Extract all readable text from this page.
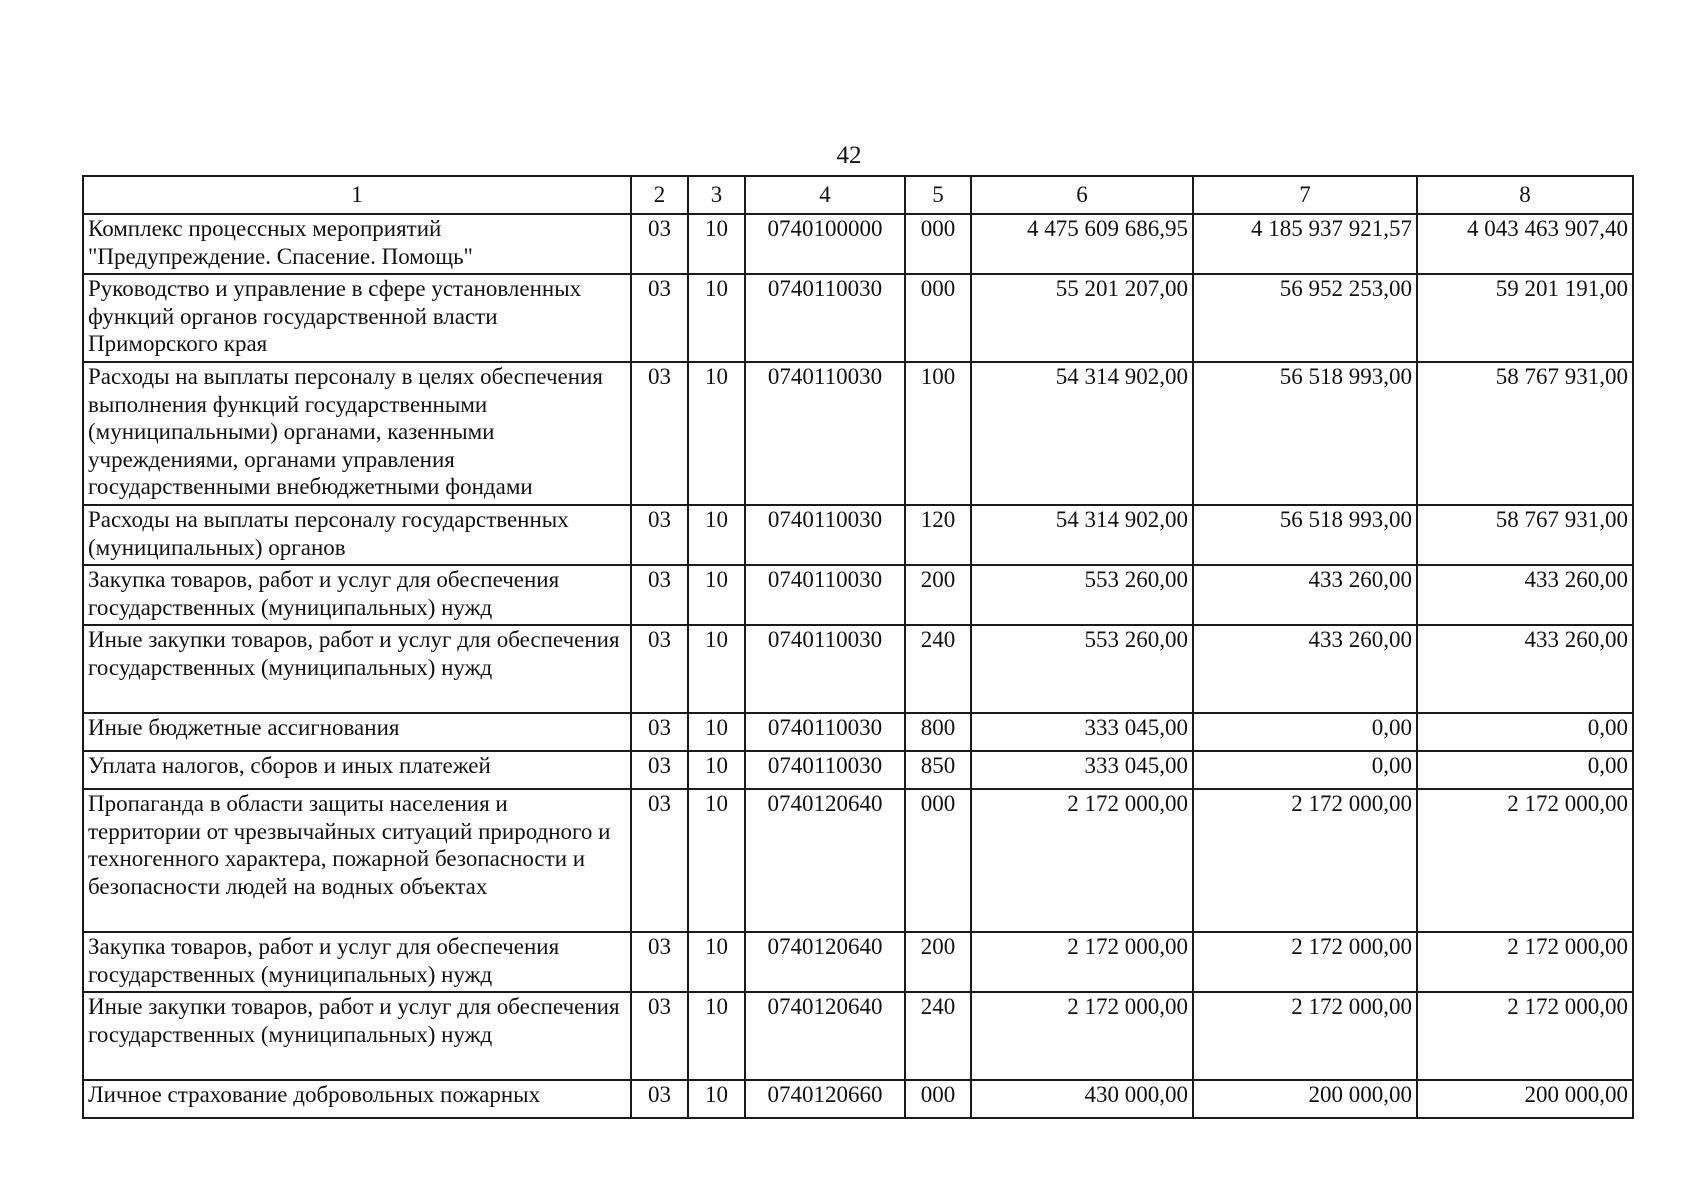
42
1	2	3	4	5	6	7	8
Комплекс процессных мероприятий "Предупреждение. Спасение. Помощь"	03	10	0740100000	000	4 475 609 686,95	4 185 937 921,57	4 043 463 907,40
Руководство и управление в сфере установленных функций органов государственной власти Приморского края	03	10	0740110030	000	55 201 207,00	56 952 253,00	59 201 191,00
Расходы на выплаты персоналу в целях обеспечения выполнения функций государственными (муниципальными) органами, казенными учреждениями, органами управления государственными внебюджетными фондами	03	10	0740110030	100	54 314 902,00	56 518 993,00	58 767 931,00
Расходы на выплаты персоналу государственных (муниципальных) органов	03	10	0740110030	120	54 314 902,00	56 518 993,00	58 767 931,00
Закупка товаров, работ и услуг для обеспечения государственных (муниципальных) нужд	03	10	0740110030	200	553 260,00	433 260,00	433 260,00
Иные закупки товаров, работ и услуг для обеспечения государственных (муниципальных) нужд	03	10	0740110030	240	553 260,00	433 260,00	433 260,00
Иные бюджетные ассигнования	03	10	0740110030	800	333 045,00	0,00	0,00
Уплата налогов, сборов и иных платежей	03	10	0740110030	850	333 045,00	0,00	0,00
Пропаганда в области защиты населения и территории от чрезвычайных ситуаций природного и техногенного характера, пожарной безопасности и безопасности людей на водных объектах	03	10	0740120640	000	2 172 000,00	2 172 000,00	2 172 000,00
Закупка товаров, работ и услуг для обеспечения государственных (муниципальных) нужд	03	10	0740120640	200	2 172 000,00	2 172 000,00	2 172 000,00
Иные закупки товаров, работ и услуг для обеспечения государственных (муниципальных) нужд	03	10	0740120640	240	2 172 000,00	2 172 000,00	2 172 000,00
Личное страхование добровольных пожарных	03	10	0740120660	000	430 000,00	200 000,00	200 000,00
